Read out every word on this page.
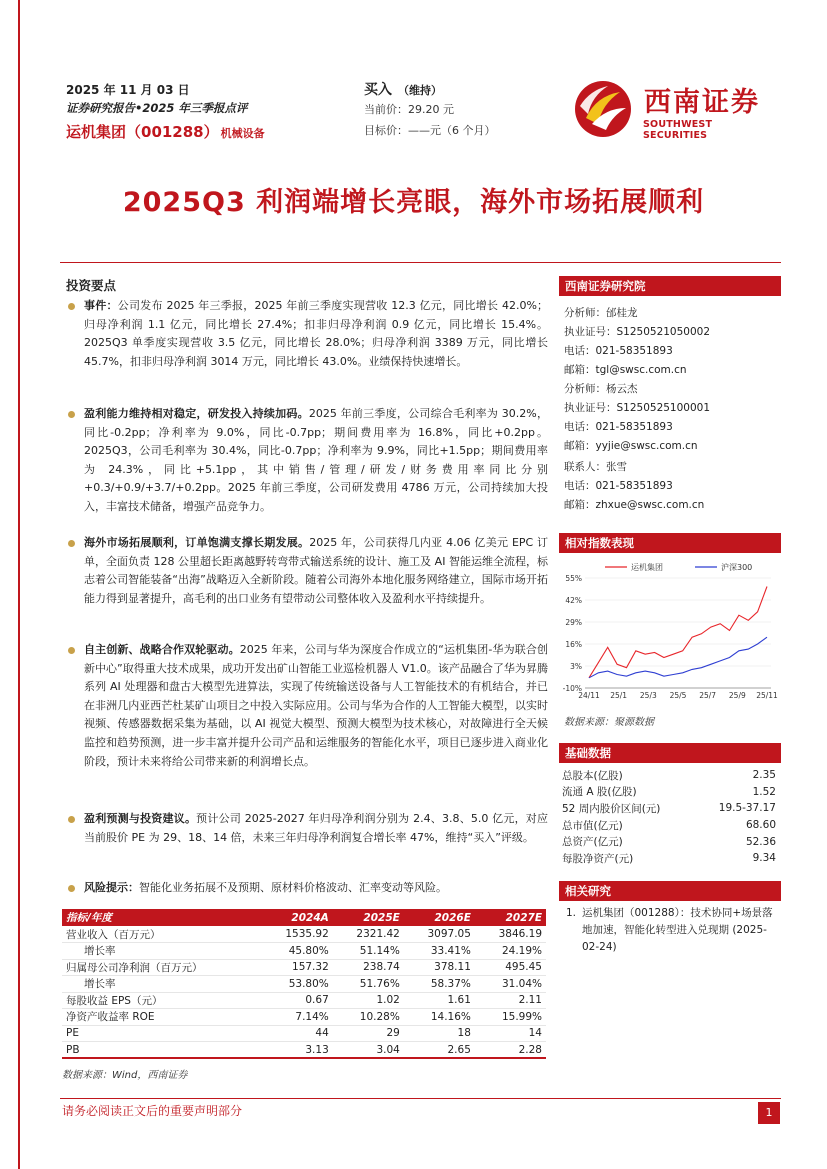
2025 年 11 月 03 日
证券研究报告•2025 年三季报点评
运机集团（001288） 机械设备
买入 （维持）
当前价：29.20 元
目标价：——元（6 个月）
西南证券
SOUTHWEST SECURITIES
2025Q3 利润端增长亮眼，海外市场拓展顺利
投资要点
事件：公司发布 2025 年三季报，2025 年前三季度实现营收 12.3 亿元，同比增长 42.0%；归母净利润 1.1 亿元，同比增长 27.4%；扣非归母净利润 0.9 亿元，同比增长 15.4%。2025Q3 单季度实现营收 3.5 亿元，同比增长 28.0%；归母净利润 3389 万元，同比增长 45.7%，扣非归母净利润 3014 万元，同比增长 43.0%。业绩保持快速增长。
盈利能力维持相对稳定，研发投入持续加码。2025 年前三季度，公司综合毛利率为 30.2%，同比-0.2pp；净利率为 9.0%，同比-0.7pp；期间费用率为 16.8%，同比+0.2pp。2025Q3，公司毛利率为 30.4%，同比-0.7pp；净利率为 9.9%，同比+1.5pp；期间费用率为 24.3%，同比+5.1pp，其中销售/管理/研发/财务费用率同比分别+0.3/+0.9/+3.7/+0.2pp。2025 年前三季度，公司研发费用 4786 万元，公司持续加大投入，丰富技术储备，增强产品竞争力。
海外市场拓展顺利，订单饱满支撑长期发展。2025 年，公司获得几内亚 4.06 亿美元 EPC 订单，全面负责 128 公里超长距离越野转弯带式输送系统的设计、施工及 AI 智能运维全流程，标志着公司智能装备“出海”战略迈入全新阶段。随着公司海外本地化服务网络建立，国际市场开拓能力得到显著提升，高毛利的出口业务有望带动公司整体收入及盈利水平持续提升。
自主创新、战略合作双轮驱动。2025 年来，公司与华为深度合作成立的“运机集团-华为联合创新中心”取得重大技术成果，成功开发出矿山智能工业巡检机器人 V1.0。该产品融合了华为昇腾系列 AI 处理器和盘古大模型先进算法，实现了传统输送设备与人工智能技术的有机结合，并已在非洲几内亚西芒杜某矿山项目之中投入实际应用。公司与华为合作的人工智能大模型，以实时视频、传感器数据采集为基础，以 AI 视觉大模型、预测大模型为技术核心，对故障进行全天候监控和趋势预测，进一步丰富并提升公司产品和运维服务的智能化水平，项目已逐步进入商业化阶段，预计未来将给公司带来新的利润增长点。
盈利预测与投资建议。预计公司 2025-2027 年归母净利润分别为 2.4、3.8、5.0 亿元，对应当前股价 PE 为 29、18、14 倍，未来三年归母净利润复合增长率 47%，维持“买入”评级。
风险提示：智能化业务拓展不及预期、原材料价格波动、汇率变动等风险。
指标/年度	2024A	2025E	2026E	2027E
营业收入（百万元）	1535.92	2321.42	3097.05	3846.19
增长率	45.80%	51.14%	33.41%	24.19%
归属母公司净利润（百万元）	157.32	238.74	378.11	495.45
增长率	53.80%	51.76%	58.37%	31.04%
每股收益 EPS（元）	0.67	1.02	1.61	2.11
净资产收益率 ROE	7.14%	10.28%	14.16%	15.99%
PE	44	29	18	14
PB	3.13	3.04	2.65	2.28
数据来源：Wind，西南证券
西南证券研究院
分析师：邰桂龙
执业证号：S1250521050002
电话：021-58351893
邮箱：tgl@swsc.com.cn
分析师：杨云杰
执业证号：S1250525100001
电话：021-58351893
邮箱：yyjie@swsc.com.cn
联系人：张雪
电话：021-58351893
邮箱：zhxue@swsc.com.cn
相对指数表现
55%
42%
29%
16%
3%
-10%
24/11 25/1 25/3 25/5 25/7 25/9 25/11
运机集团	沪深300
数据来源：聚源数据
基础数据
总股本(亿股)	2.35
流通 A 股(亿股)	1.52
52 周内股价区间(元)	19.5-37.17
总市值(亿元)	68.60
总资产(亿元)	52.36
每股净资产(元)	9.34
相关研究
1. 运机集团（001288）：技术协同+场景落地加速，智能化转型进入兑现期 (2025-02-24)
请务必阅读正文后的重要声明部分	1
